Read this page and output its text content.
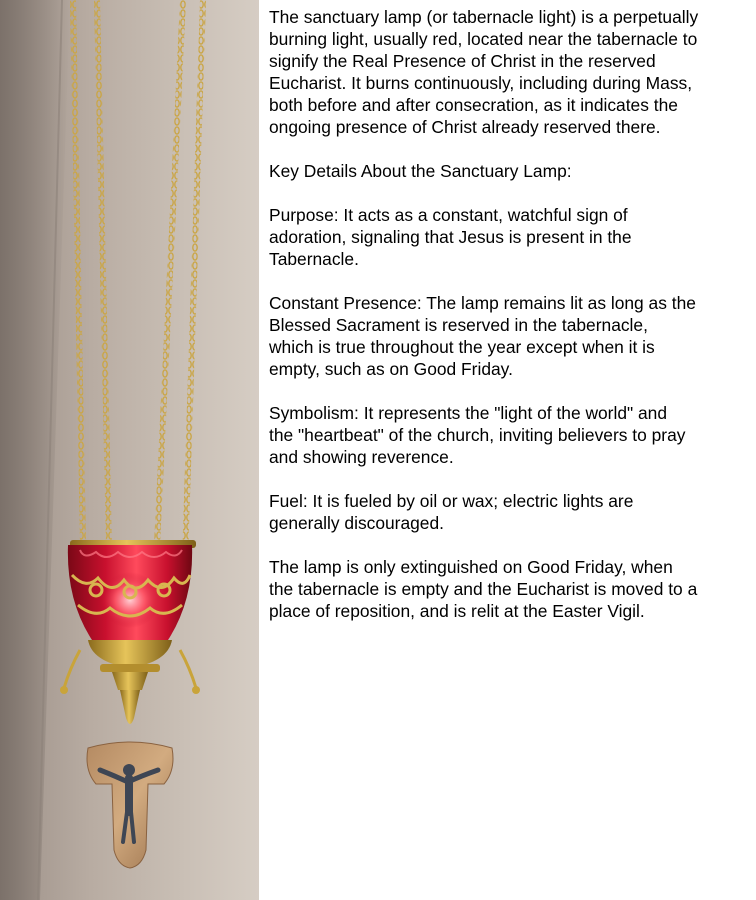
The sanctuary lamp (or tabernacle light) is a perpetually
burning light, usually red, located near the tabernacle to
signify the Real Presence of Christ in the reserved
Eucharist. It burns continuously, including during Mass,
both before and after consecration, as it indicates the
ongoing presence of Christ already reserved there.

Key Details About the Sanctuary Lamp:

Purpose: It acts as a constant, watchful sign of
adoration, signaling that Jesus is present in the
Tabernacle.

Constant Presence: The lamp remains lit as long as the
Blessed Sacrament is reserved in the tabernacle,
which is true throughout the year except when it is
empty, such as on Good Friday.

Symbolism: It represents the "light of the world" and
the "heartbeat" of the church, inviting believers to pray
and showing reverence.

Fuel: It is fueled by oil or wax; electric lights are
generally discouraged.

The lamp is only extinguished on Good Friday, when
the tabernacle is empty and the Eucharist is moved to a
place of reposition, and is relit at the Easter Vigil.
